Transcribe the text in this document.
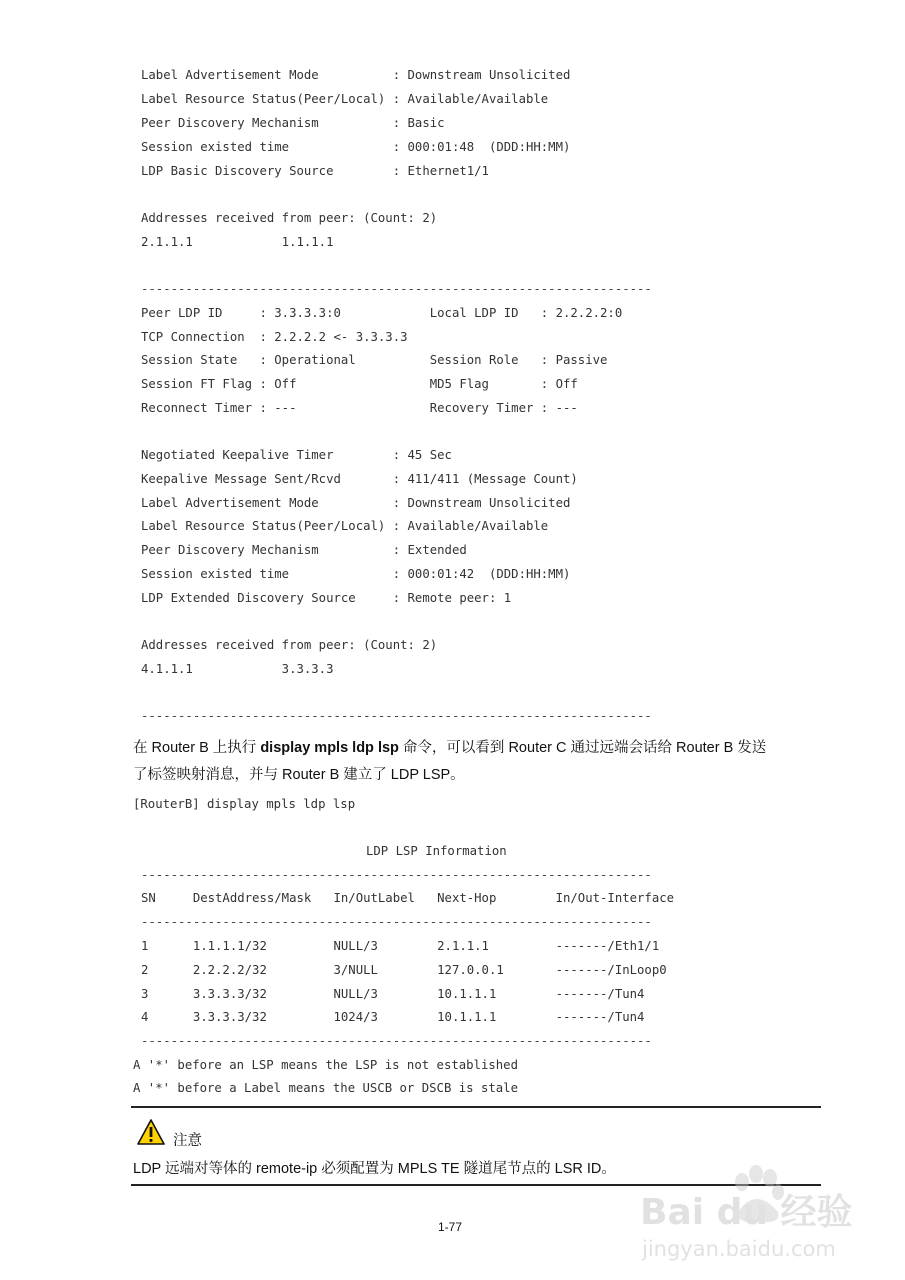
Label Advertisement Mode          : Downstream Unsolicited
Label Resource Status(Peer/Local) : Available/Available
Peer Discovery Mechanism          : Basic
Session existed time              : 000:01:48  (DDD:HH:MM)
LDP Basic Discovery Source        : Ethernet1/1
Addresses received from peer: (Count: 2)
2.1.1.1            1.1.1.1
---------------------------------------------------------------------
Peer LDP ID     : 3.3.3.3:0            Local LDP ID   : 2.2.2.2:0
TCP Connection  : 2.2.2.2 <- 3.3.3.3
Session State   : Operational          Session Role   : Passive
Session FT Flag : Off                  MD5 Flag       : Off
Reconnect Timer : ---                  Recovery Timer : ---
Negotiated Keepalive Timer        : 45 Sec
Keepalive Message Sent/Rcvd       : 411/411 (Message Count)
Label Advertisement Mode          : Downstream Unsolicited
Label Resource Status(Peer/Local) : Available/Available
Peer Discovery Mechanism          : Extended
Session existed time              : 000:01:42  (DDD:HH:MM)
LDP Extended Discovery Source     : Remote peer: 1
Addresses received from peer: (Count: 2)
4.1.1.1            3.3.3.3
---------------------------------------------------------------------
在 Router B 上执行 display mpls ldp lsp 命令，可以看到 Router C 通过远端会话给 Router B 发送
了标签映射消息，并与 Router B 建立了 LDP LSP。
[RouterB] display mpls ldp lsp
LDP LSP Information
---------------------------------------------------------------------
SN     DestAddress/Mask   In/OutLabel   Next-Hop        In/Out-Interface
---------------------------------------------------------------------
1      1.1.1.1/32         NULL/3        2.1.1.1         -------/Eth1/1
2      2.2.2.2/32         3/NULL        127.0.0.1       -------/InLoop0
3      3.3.3.3/32         NULL/3        10.1.1.1        -------/Tun4
4      3.3.3.3/32         1024/3        10.1.1.1        -------/Tun4
---------------------------------------------------------------------
A '*' before an LSP means the LSP is not established
A '*' before a Label means the USCB or DSCB is stale
注意
LDP 远端对等体的 remote-ip 必须配置为 MPLS TE 隧道尾节点的 LSR ID。
Bai du 经验
jingyan.baidu.com
1-77
